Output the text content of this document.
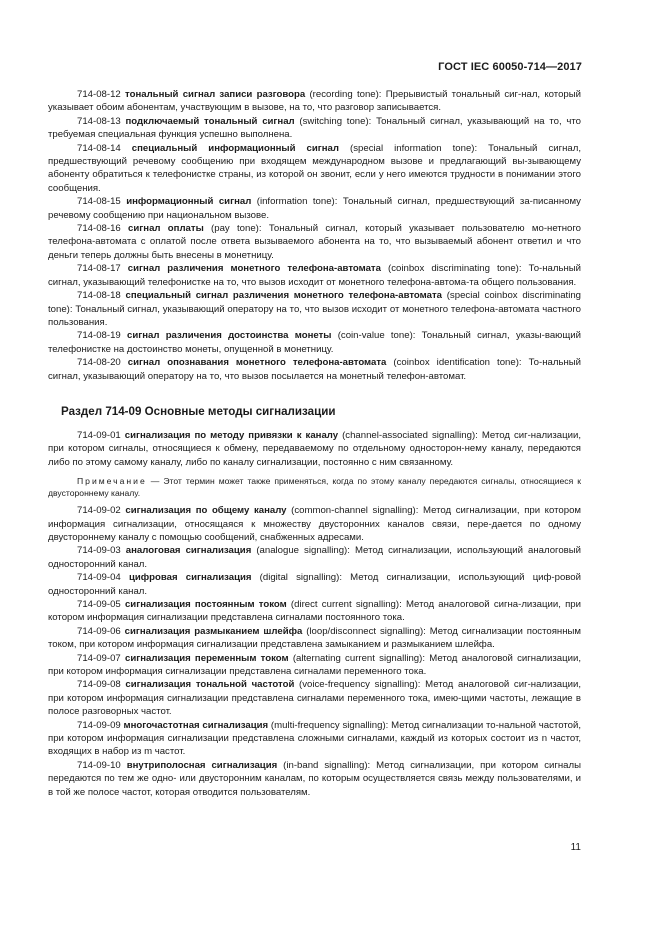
ГОСТ IEC 60050-714—2017

714-08-12 тональный сигнал записи разговора (recording tone): Прерывистый тональный сиг-нал, который указывает обоим абонентам, участвующим в вызове, на то, что разговор записывается.

714-08-13 подключаемый тональный сигнал (switching tone): Тональный сигнал, указывающий на то, что требуемая специальная функция успешно выполнена.

714-08-14 специальный информационный сигнал (special information tone): Тональный сигнал, предшествующий речевому сообщению при входящем международном вызове и предлагающий вы-зывающему абоненту обратиться к телефонистке страны, из которой он звонит, если у него имеются трудности в понимании этого сообщения.

714-08-15 информационный сигнал (information tone): Тональный сигнал, предшествующий за-писанному речевому сообщению при национальном вызове.

714-08-16 сигнал оплаты (pay tone): Тональный сигнал, который указывает пользователю мо-нетного телефона-автомата с оплатой после ответа вызываемого абонента на то, что вызываемый абонент ответил и что деньги теперь должны быть внесены в монетницу.

714-08-17 сигнал различения монетного телефона-автомата (coinbox discriminating tone): То-нальный сигнал, указывающий телефонистке на то, что вызов исходит от монетного телефона-автома-та общего пользования.

714-08-18 специальный сигнал различения монетного телефона-автомата (special coinbox discriminating tone): Тональный сигнал, указывающий оператору на то, что вызов исходит от монетного телефона-автомата частного пользования.

714-08-19 сигнал различения достоинства монеты (coin-value tone): Тональный сигнал, указы-вающий телефонистке на достоинство монеты, опущенной в монетницу.

714-08-20 сигнал опознавания монетного телефона-автомата (coinbox identification tone): То-нальный сигнал, указывающий оператору на то, что вызов посылается на монетный телефон-автомат.

Раздел 714-09 Основные методы сигнализации

714-09-01 сигнализация по методу привязки к каналу (channel-associated signalling): Метод сиг-нализации, при котором сигналы, относящиеся к обмену, передаваемому по отдельному односторон-нему каналу, передаются либо по этому самому каналу, либо по каналу сигнализации, постоянно с ним связанному.

Примечание — Этот термин может также применяться, когда по этому каналу передаются сигналы, относящиеся к двустороннему каналу.

714-09-02 сигнализация по общему каналу (common-channel signalling): Метод сигнализации, при котором информация сигнализации, относящаяся к множеству двусторонних каналов связи, пере-дается по одному двустороннему каналу с помощью сообщений, снабженных адресами.

714-09-03 аналоговая сигнализация (analogue signalling): Метод сигнализации, использующий аналоговый односторонний канал.

714-09-04 цифровая сигнализация (digital signalling): Метод сигнализации, использующий циф-ровой односторонний канал.

714-09-05 сигнализация постоянным током (direct current signalling): Метод аналоговой сигна-лизации, при котором информация сигнализации представлена сигналами постоянного тока.

714-09-06 сигнализация размыканием шлейфа (loop/disconnect signalling): Метод сигнализации постоянным током, при котором информация сигнализации представлена замыканием и размыканием шлейфа.

714-09-07 сигнализация переменным током (alternating current signalling): Метод аналоговой сигнализации, при котором информация сигнализации представлена сигналами переменного тока.

714-09-08 сигнализация тональной частотой (voice-frequency signalling): Метод аналоговой сиг-нализации, при котором информация сигнализации представлена сигналами переменного тока, имею-щими частоты, лежащие в полосе разговорных частот.

714-09-09 многочастотная сигнализация (multi-frequency signalling): Метод сигнализации то-нальной частотой, при котором информация сигнализации представлена сложными сигналами, каждый из которых состоит из n частот, входящих в набор из m частот.

714-09-10 внутриполосная сигнализация (in-band signalling): Метод сигнализации, при котором сигналы передаются по тем же одно- или двусторонним каналам, по которым осуществляется связь между пользователями, и в той же полосе частот, которая отводится пользователям.

11
